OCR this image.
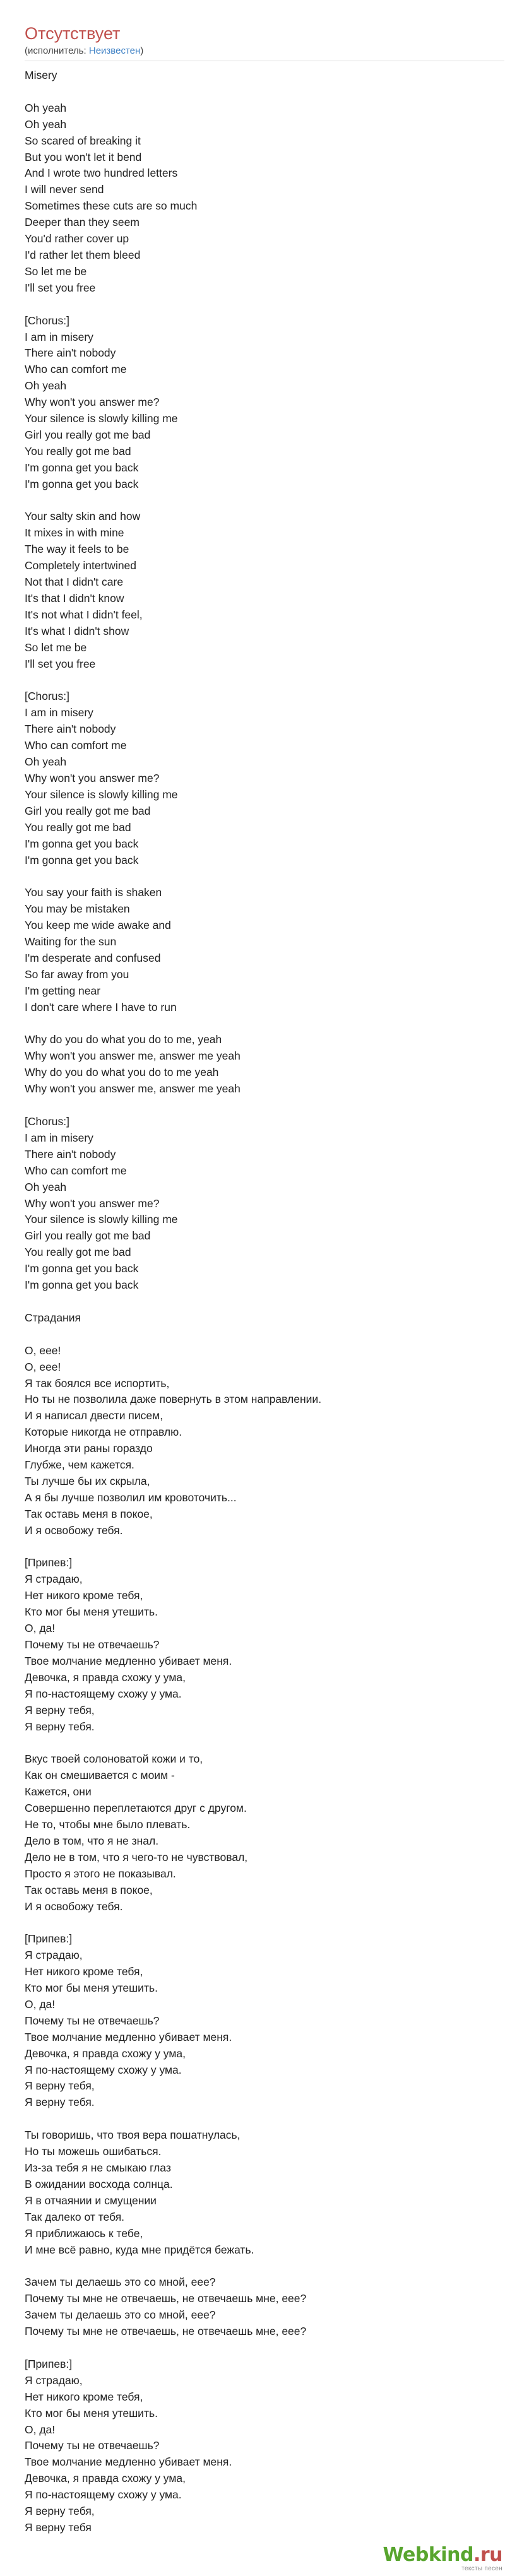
Отсутствует
(исполнитель: Неизвестен)
Misery

Oh yeah
Oh yeah
So scared of breaking it
But you won't let it bend
And I wrote two hundred letters
I will never send
Sometimes these cuts are so much
Deeper than they seem
You'd rather cover up
I'd rather let them bleed
So let me be
I'll set you free

[Chorus:]
I am in misery
There ain't nobody
Who can comfort me
Oh yeah
Why won't you answer me?
Your silence is slowly killing me
Girl you really got me bad
You really got me bad
I'm gonna get you back
I'm gonna get you back

Your salty skin and how
It mixes in with mine
The way it feels to be
Completely intertwined
Not that I didn't care
It's that I didn't know
It's not what I didn't feel,
It's what I didn't show
So let me be
I'll set you free

[Chorus:]
I am in misery
There ain't nobody
Who can comfort me
Oh yeah
Why won't you answer me?
Your silence is slowly killing me
Girl you really got me bad
You really got me bad
I'm gonna get you back
I'm gonna get you back

You say your faith is shaken
You may be mistaken
You keep me wide awake and
Waiting for the sun
I'm desperate and confused
So far away from you
I'm getting near
I don't care where I have to run

Why do you do what you do to me, yeah
Why won't you answer me, answer me yeah
Why do you do what you do to me yeah
Why won't you answer me, answer me yeah

[Chorus:]
I am in misery
There ain't nobody
Who can comfort me
Oh yeah
Why won't you answer me?
Your silence is slowly killing me
Girl you really got me bad
You really got me bad
I'm gonna get you back
I'm gonna get you back

Страдания

О, еее!
О, еее!
Я так боялся все испортить,
Но ты не позволила даже повернуть в этом направлении.
И я написал двести писем,
Которые никогда не отправлю.
Иногда эти раны гораздо
Глубже, чем кажется.
Ты лучше бы их скрыла,
А я бы лучше позволил им кровоточить...
Так оставь меня в покое,
И я освобожу тебя.

[Припев:]
Я страдаю,
Нет никого кроме тебя,
Кто мог бы меня утешить.
О, да!
Почему ты не отвечаешь?
Твое молчание медленно убивает меня.
Девочка, я правда схожу у ума,
Я по-настоящему схожу у ума.
Я верну тебя,
Я верну тебя.

Вкус твоей солоноватой кожи и то,
Как он смешивается с моим -
Кажется, они
Совершенно переплетаются друг с другом.
Не то, чтобы мне было плевать.
Дело в том, что я не знал.
Дело не в том, что я чего-то не чувствовал,
Просто я этого не показывал.
Так оставь меня в покое,
И я освобожу тебя.

[Припев:]
Я страдаю,
Нет никого кроме тебя,
Кто мог бы меня утешить.
О, да!
Почему ты не отвечаешь?
Твое молчание медленно убивает меня.
Девочка, я правда схожу у ума,
Я по-настоящему схожу у ума.
Я верну тебя,
Я верну тебя.

Ты говоришь, что твоя вера пошатнулась,
Но ты можешь ошибаться.
Из-за тебя я не смыкаю глаз
В ожидании восхода солнца.
Я в отчаянии и смущении
Так далеко от тебя.
Я приближаюсь к тебе,
И мне всё равно, куда мне придётся бежать.

Зачем ты делаешь это со мной, еее?
Почему ты мне не отвечаешь, не отвечаешь мне, еее?
Зачем ты делаешь это со мной, еее?
Почему ты мне не отвечаешь, не отвечаешь мне, еее?

[Припев:]
Я страдаю,
Нет никого кроме тебя,
Кто мог бы меня утешить.
О, да!
Почему ты не отвечаешь?
Твое молчание медленно убивает меня.
Девочка, я правда схожу у ума,
Я по-настоящему схожу у ума.
Я верну тебя,
Я верну тебя
Webkind.ru
тексты песен
